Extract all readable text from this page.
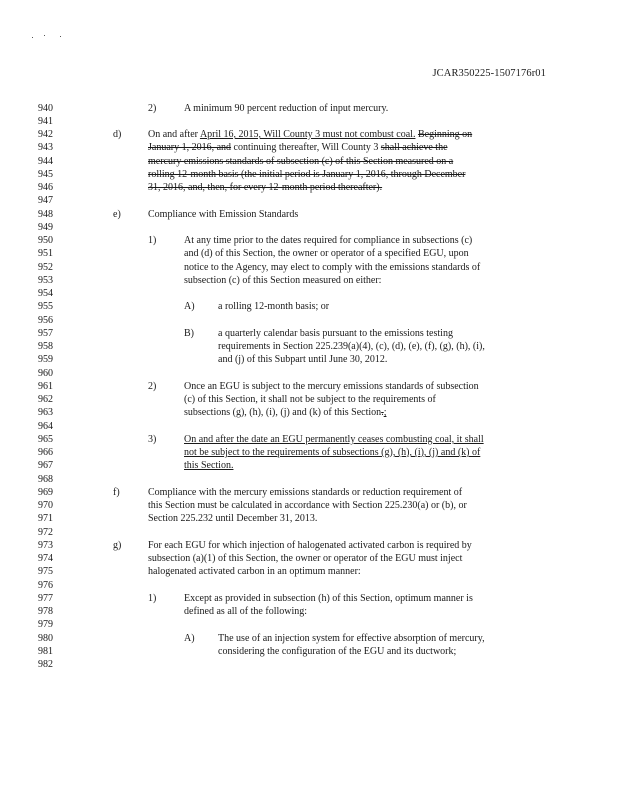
JCAR350225-1507176r01
940	2)	A minimum 90 percent reduction of input mercury.
941
942	d)	On and after April 16, 2015, Will County 3 must not combust coal. Beginning on
943	January 1, 2016, and continuing thereafter, Will County 3 shall achieve the
944	mercury emissions standards of subsection (c) of this Section measured on a
945	rolling 12-month basis (the initial period is January 1, 2016, through December
946	31, 2016, and, then, for every 12-month period thereafter).
947
948	e)	Compliance with Emission Standards
949
950	1)	At any time prior to the dates required for compliance in subsections (c)
951	and (d) of this Section, the owner or operator of a specified EGU, upon
952	notice to the Agency, may elect to comply with the emissions standards of
953	subsection (c) of this Section measured on either:
954
955	A) a rolling 12-month basis; or
956
957	B) a quarterly calendar basis pursuant to the emissions testing
958	requirements in Section 225.239(a)(4), (c), (d), (e), (f), (g), (h), (i),
959	and (j) of this Subpart until June 30, 2012.
960
961	2)	Once an EGU is subject to the mercury emissions standards of subsection
962	(c) of this Section, it shall not be subject to the requirements of
963	subsections (g), (h), (i), (j) and (k) of this Section.;
964
965	3)	On and after the date an EGU permanently ceases combusting coal, it shall
966	not be subject to the requirements of subsections (g), (h), (i), (j) and (k) of
967	this Section.
968
969	f)	Compliance with the mercury emissions standards or reduction requirement of
970	this Section must be calculated in accordance with Section 225.230(a) or (b), or
971	Section 225.232 until December 31, 2013.
972
973	g)	For each EGU for which injection of halogenated activated carbon is required by
974	subsection (a)(1) of this Section, the owner or operator of the EGU must inject
975	halogenated activated carbon in an optimum manner:
976
977	1)	Except as provided in subsection (h) of this Section, optimum manner is
978	defined as all of the following:
979
980	A) The use of an injection system for effective absorption of mercury,
981	considering the configuration of the EGU and its ductwork;
982
